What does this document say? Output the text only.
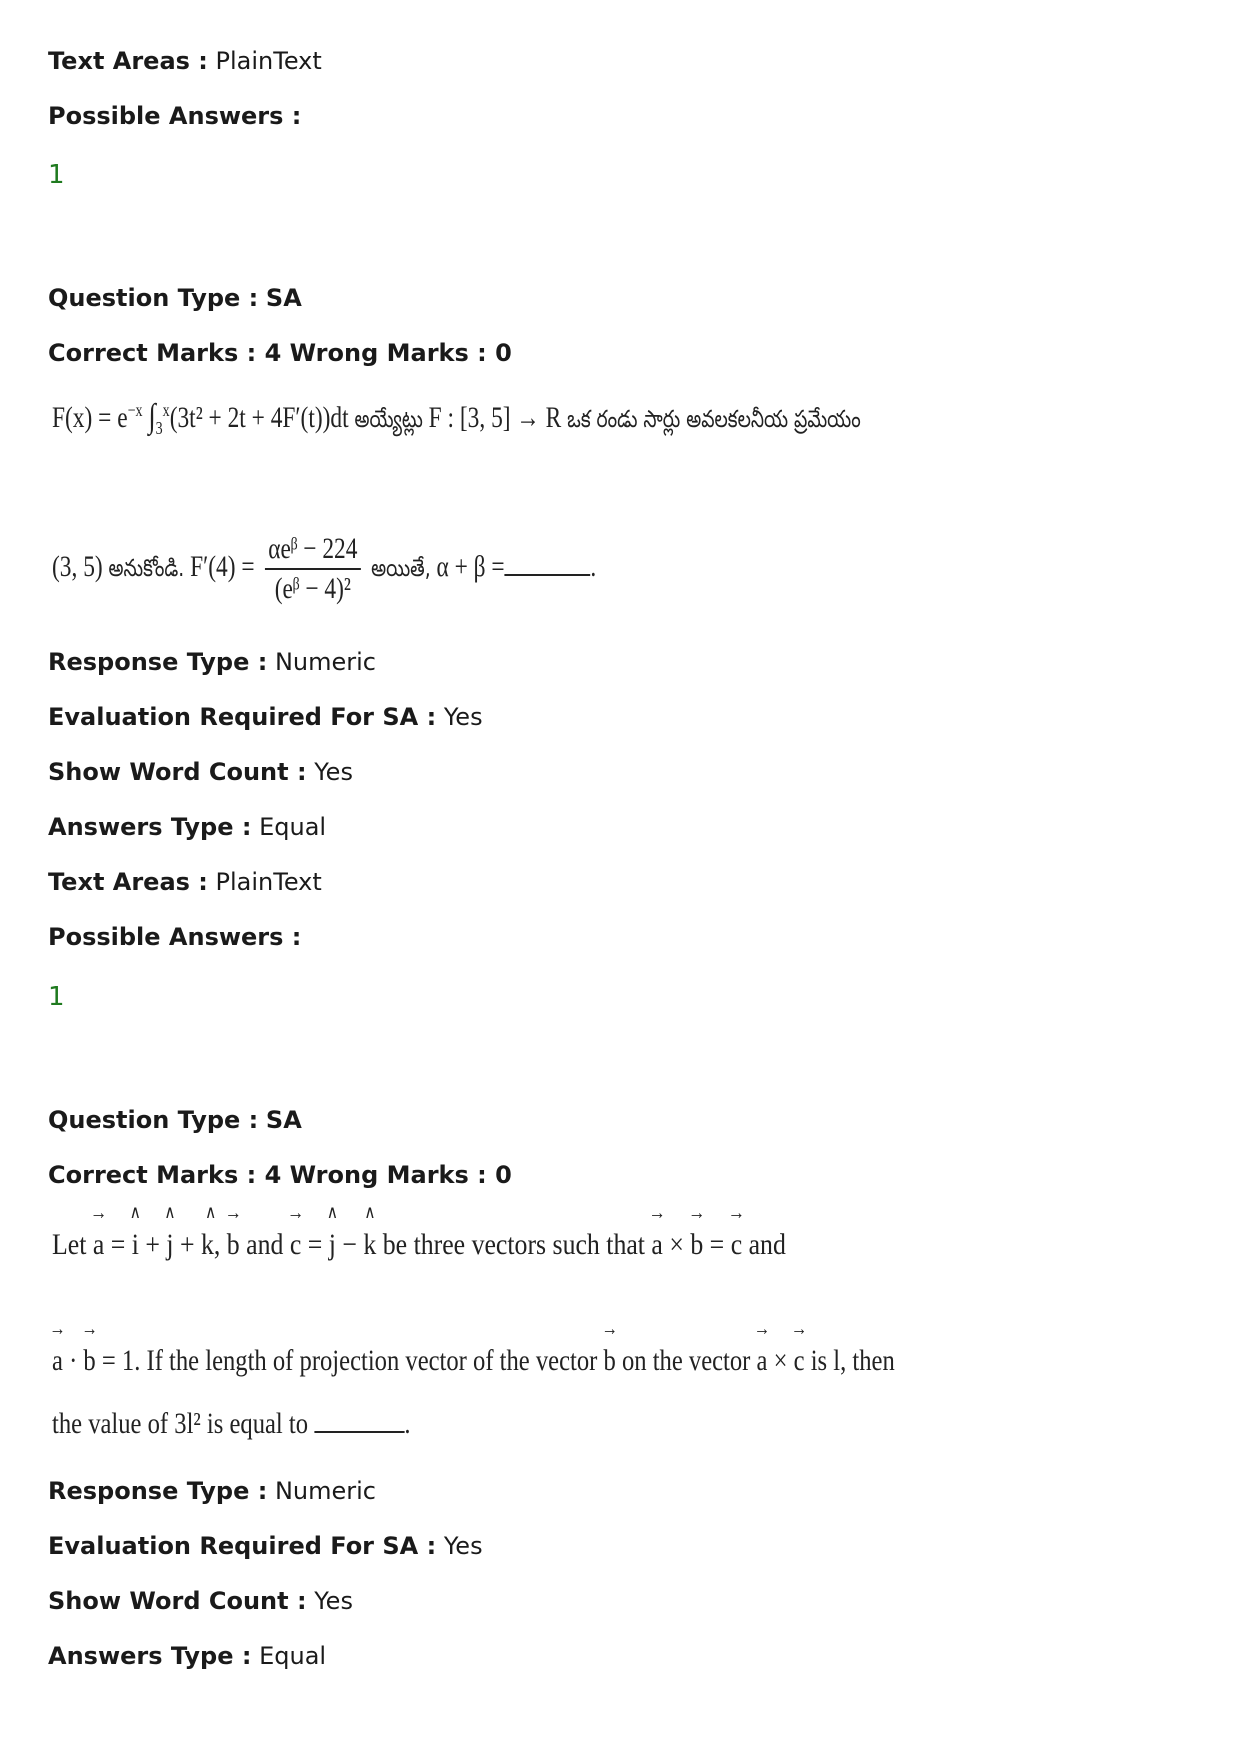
Text Areas : PlainText
Possible Answers :
1
Question Type : SA
Correct Marks : 4 Wrong Marks : 0
$F(x) = e^{-x}$ $\int_3^x(3t^2 + 2t + 4F'(t))dt$ అయ్యేట్లు F : [3, 5] → R ఒక రండు సార్లు అవలకలనీయ ప్రమేయం
(3, 5) అనుకోండి. $F'(4) = \frac{\text{αeᵝ − 224}}{\text{(eᵝ − 4)²}}$ అయితే, α + β =	.
Response Type : Numeric
Evaluation Required For SA : Yes
Show Word Count : Yes
Answers Type : Equal
Text Areas : PlainText
Possible Answers :
1
Question Type : SA
Correct Marks : 4 Wrong Marks : 0
Let → a = ∧ i + ∧ j + ∧ k, → b and → c = ∧ j − ∧ k be three vectors such that → a × → b = → c and
→ a · → b = 1. If the length of projection vector of the vector → b on the vector → a × → c is l, then
the value of 3l² is equal to	.
Response Type : Numeric
Evaluation Required For SA : Yes
Show Word Count : Yes
Answers Type : Equal
